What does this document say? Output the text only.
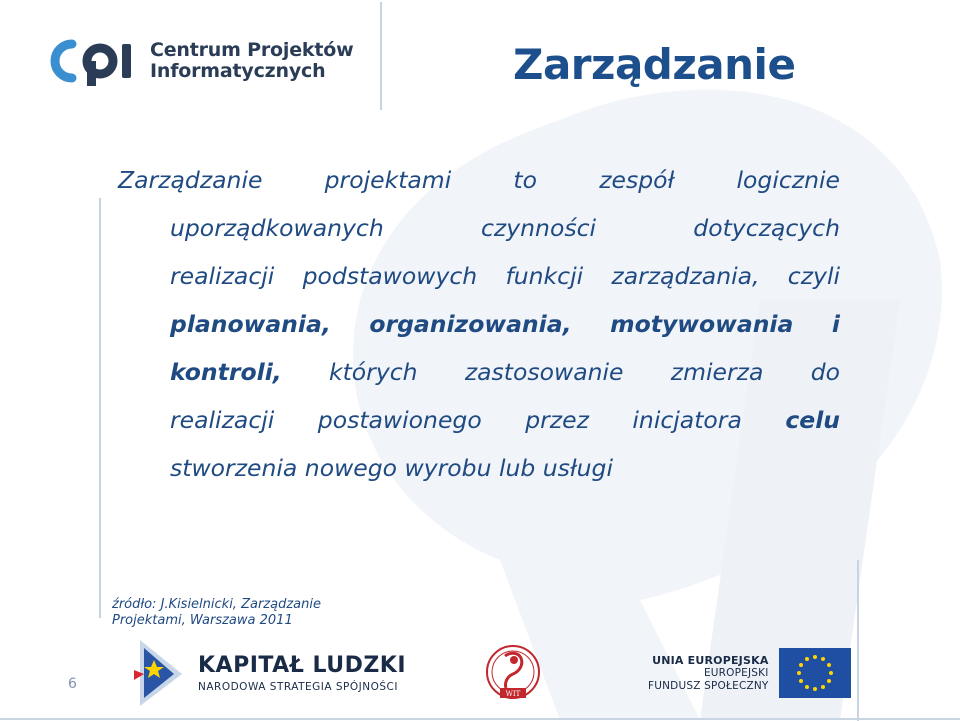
Centrum Projektów
Informatycznych	Zarządzanie
Zarządzanie projektami to zespół logicznie
uporządkowanych czynności dotyczących
realizacji podstawowych funkcji zarządzania, czyli
planowania, organizowania, motywowania i
kontroli, których zastosowanie zmierza do
realizacji postawionego przez inicjatora celu
stworzenia nowego wyrobu lub usługi

źródło: J.Kisielnicki, Zarządzanie
Projektami, Warszawa 2011

6
KAPITAŁ LUDZKI
NARODOWA STRATEGIA SPÓJNOŚCI
WIT
UNIA EUROPEJSKA
EUROPEJSKI
FUNDUSZ SPOŁECZNY
